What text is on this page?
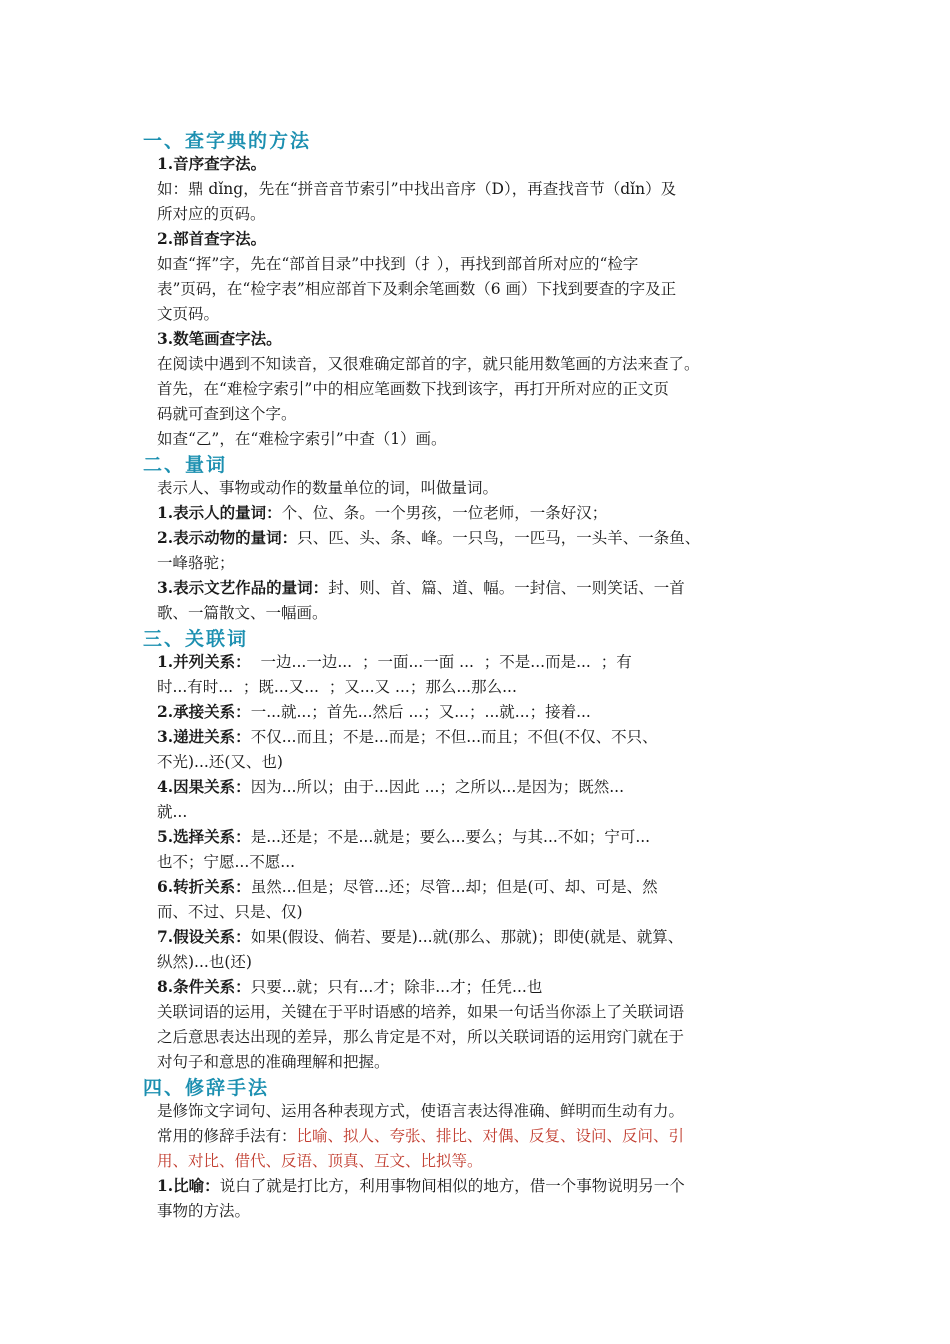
一、查字典的方法
1.音序查字法。
如：鼎 dǐng，先在“拼音音节索引”中找出音序（D），再查找音节（dǐn）及
所对应的页码。
2.部首查字法。
如查“挥”字，先在“部首目录”中找到（扌），再找到部首所对应的“检字
表”页码，在“检字表”相应部首下及剩余笔画数（6 画）下找到要查的字及正
文页码。
3.数笔画查字法。
在阅读中遇到不知读音，又很难确定部首的字，就只能用数笔画的方法来查了。
首先，在“难检字索引”中的相应笔画数下找到该字，再打开所对应的正文页
码就可查到这个字。
如查“乙”，在“难检字索引”中查（1）画。
二、量词
表示人、事物或动作的数量单位的词，叫做量词。
1.表示人的量词：个、位、条。一个男孩，一位老师，一条好汉；
2.表示动物的量词：只、匹、头、条、峰。一只鸟，一匹马，一头羊、一条鱼、
一峰骆驼；
3.表示文艺作品的量词：封、则、首、篇、道、幅。一封信、一则笑话、一首
歌、一篇散文、一幅画。
三、关联词
1.并列关系：  一边...一边...  ；一面...一面 ...  ；不是...而是...  ；有
时...有时...  ；既...又...  ；又...又 ...；那么...那么...
2.承接关系：一...就...；首先...然后 ...；又...；...就...；接着...
3.递进关系：不仅...而且；不是...而是；不但...而且；不但(不仅、不只、
不光)...还(又、也)
4.因果关系：因为...所以；由于...因此 ...；之所以...是因为；既然...
就...
5.选择关系：是...还是；不是...就是；要么...要么；与其...不如；宁可...
也不；宁愿...不愿...
6.转折关系：虽然...但是；尽管...还；尽管...却；但是(可、却、可是、然
而、不过、只是、仅)
7.假设关系：如果(假设、倘若、要是)...就(那么、那就)；即使(就是、就算、
纵然)...也(还)
8.条件关系：只要...就；只有...才；除非...才；任凭...也
关联词语的运用，关键在于平时语感的培养，如果一句话当你添上了关联词语
之后意思表达出现的差异，那么肯定是不对，所以关联词语的运用窍门就在于
对句子和意思的准确理解和把握。
四、修辞手法
是修饰文字词句、运用各种表现方式，使语言表达得准确、鲜明而生动有力。
常用的修辞手法有：比喻、拟人、夸张、排比、对偶、反复、设问、反问、引
用、对比、借代、反语、顶真、互文、比拟等。
1.比喻：说白了就是打比方，利用事物间相似的地方，借一个事物说明另一个
事物的方法。
